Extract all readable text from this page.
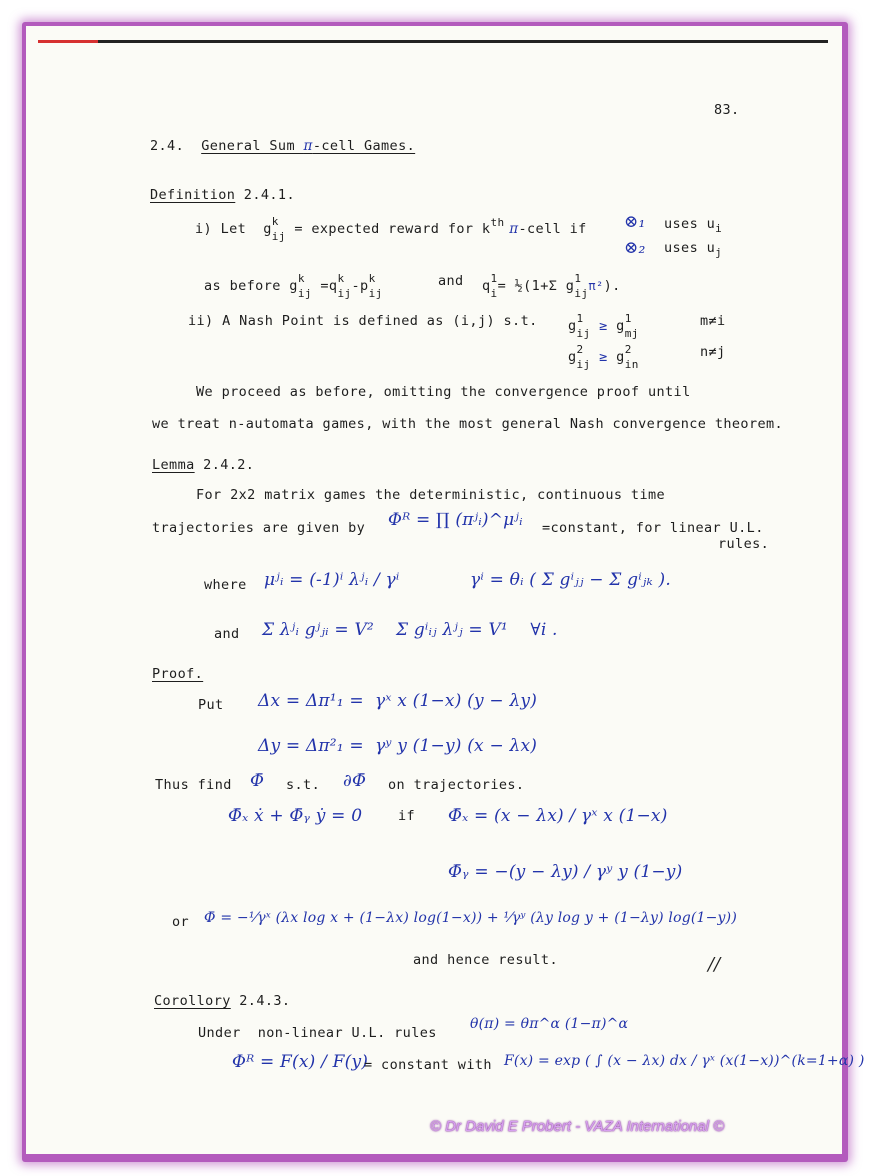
83.
2.4. General Sum π-cell Games.
Definition 2.4.1.
i) Let  g k
ij = expected reward for $k^{th}$ π-cell if ⊗₁ uses $u_i$
⊗₂ uses $u_j$
as before g k
ij =q k
ij -p k
ij
and q 1
i = ½(1+Σ g 1
ij
π²).
ii) A Nash Point is defined as (i,j) s.t. g 1
ij ≥ g 1
mj
m≠i
g 2
ij ≥ g 2
in
n≠j
We proceed as before, omitting the convergence proof until
we treat n-automata games, with the most general Nash convergence theorem.
Lemma 2.4.2.
For 2x2 matrix games the deterministic, continuous time
trajectories are given by Φᴿ = ∏ (πʲᵢ)^μʲᵢ =constant, for linear U.L.
rules.
where μʲᵢ = (-1)ⁱ λʲᵢ / γⁱ	γⁱ = θᵢ ( Σ gⁱⱼⱼ − Σ gⁱⱼₖ ).
and Σ λʲᵢ gʲⱼᵢ = V² Σ gⁱᵢⱼ λʲⱼ = V¹    ∀i .
Proof.
Put Δx = Δπ¹₁ =  γˣ x (1−x) (y − λy)
Δy = Δπ²₁ =  γʸ y (1−y) (x − λx)
Thus find Φ̄ s.t. ∂Φ̄ on trajectories.
Φ̄ₓ ẋ + Φ̄ᵧ ẏ = 0	if Φ̄ₓ = (x − λx) / γˣ x (1−x)
Φ̄ᵧ = −(y − λy) / γʸ y (1−y)
or Φ̄ = −¹⁄γˣ (λx log x + (1−λx) log(1−x)) + ¹⁄γʸ (λy log y + (1−λy) log(1−y))
and hence result.	//
Corollory 2.4.3.
Under  non-linear U.L. rules
θ(π) = θπ^α (1−π)^α
Φᴿ = F(x) / F(y)
= constant with F(x) = exp ( ∫ (x − λx) dx / γˣ (x(1−x))^(k=1+α) )
© Dr David E Probert - VAZA International ©
